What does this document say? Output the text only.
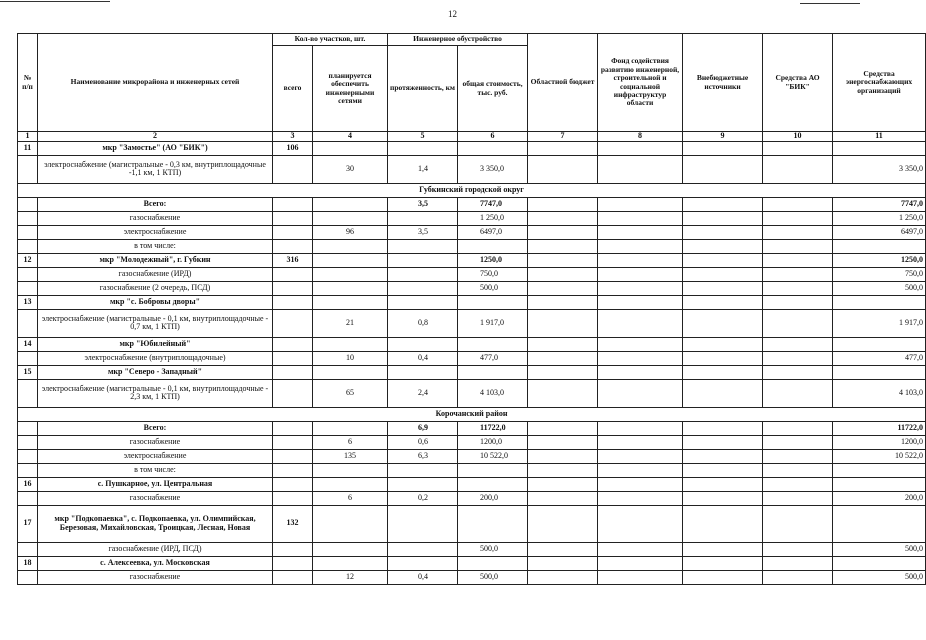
12
№ п/п	Наименование микрорайона и инженерных сетей	Кол-во участков, шт.		Инженерное обустройство		Областной бюджет	Фонд содействия развитию инженерной, строительной и социальной инфраструктур области	Внебюджетные источники	Средства АО "БИК"	Средства энергоснабжающих организаций
		всего	планируется обеспечить инженерными сетями	протяженность, км	общая стоимость, тыс. руб.					
1	2	3	4	5	6	7	8	9	10	11
11	мкр "Замостье" (АО "БИК")	106								
	электроснабжение (магистральные - 0,3 км, внутриплощадочные -1,1 км, 1 КТП)		30	1,4	3 350,0					3 350,0
Губкинский городской округ										
	Всего:			3,5	7747,0					7747,0
	газоснабжение				1 250,0					1 250,0
	электроснабжение		96	3,5	6497,0					6497,0
	в том числе:									
12	мкр "Молодежный", г. Губкин	316			1250,0					1250,0
	газоснабжение (ИРД)				750,0					750,0
	газоснабжение (2 очередь, ПСД)				500,0					500,0
13	мкр "с. Бобровы дворы"									
	электроснабжение (магистральные - 0,1 км, внутриплощадочные - 0,7 км, 1 КТП)		21	0,8	1 917,0					1 917,0
14	мкр "Юбилейный"									
	электроснабжение (внутриплощадочные)		10	0,4	477,0					477,0
15	мкр "Северо - Западный"									
	электроснабжение (магистральные - 0,1 км, внутриплощадочные - 2,3 км, 1 КТП)		65	2,4	4 103,0					4 103,0
Корочанский район										
	Всего:			6,9	11722,0					11722,0
	газоснабжение		6	0,6	1200,0					1200,0
	электроснабжение		135	6,3	10 522,0					10 522,0
	в том числе:									
16	с. Пушкарное, ул. Центральная									
	газоснабжение		6	0,2	200,0					200,0
17	мкр "Подкопаевка", с. Подкопаевка, ул. Олимпийская, Березовая, Михайловская, Троицкая, Лесная, Новая	132								
	газоснабжение (ИРД, ПСД)				500,0					500,0
18	с. Алексеевка, ул. Московская									
	газоснабжение		12	0,4	500,0					500,0
